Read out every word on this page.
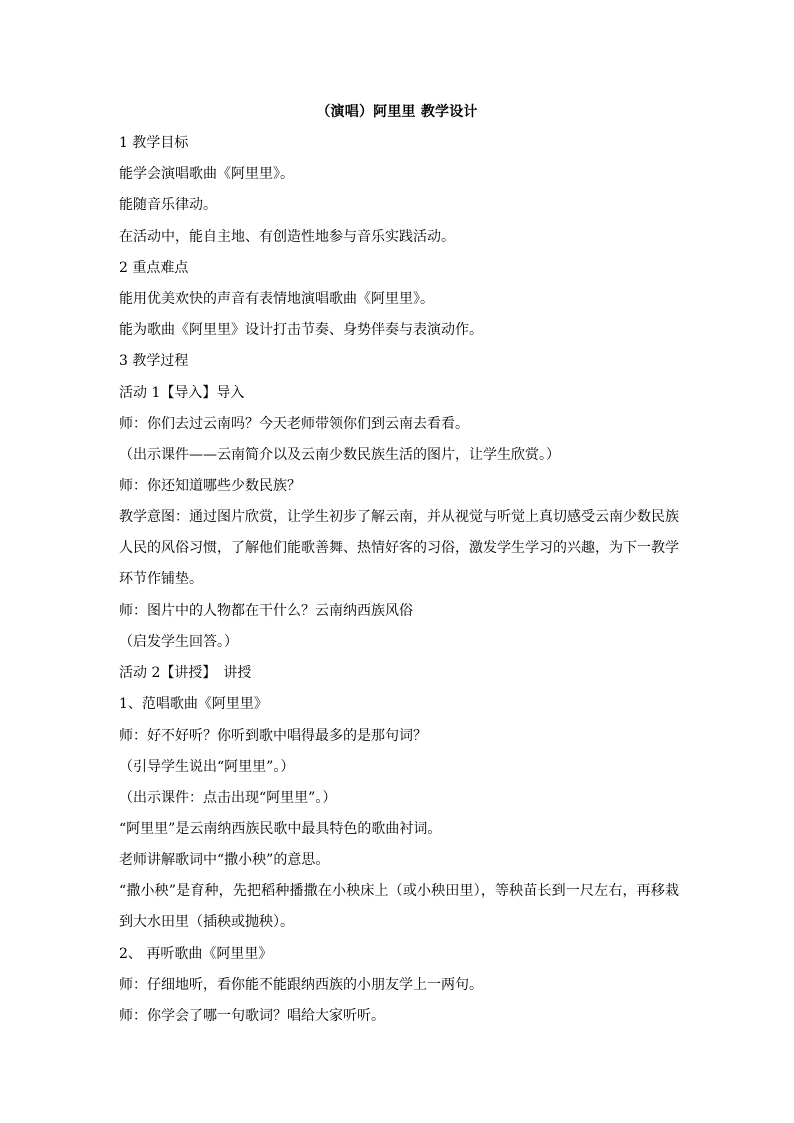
（演唱）阿里里 教学设计
1 教学目标
能学会演唱歌曲《阿里里》。
能随音乐律动。
在活动中，能自主地、有创造性地参与音乐实践活动。
2 重点难点
能用优美欢快的声音有表情地演唱歌曲《阿里里》。
能为歌曲《阿里里》设计打击节奏、身势伴奏与表演动作。
3 教学过程
活动 1【导入】导入
师：你们去过云南吗？今天老师带领你们到云南去看看。
（出示课件——云南简介以及云南少数民族生活的图片，让学生欣赏。）
师：你还知道哪些少数民族？
教学意图：通过图片欣赏，让学生初步了解云南，并从视觉与听觉上真切感受云南少数民族人民的风俗习惯，了解他们能歌善舞、热情好客的习俗，激发学生学习的兴趣，为下一教学环节作铺垫。
师：图片中的人物都在干什么？云南纳西族风俗
（启发学生回答。）
活动 2【讲授】　讲授
1、范唱歌曲《阿里里》
师：好不好听？你听到歌中唱得最多的是那句词？
（引导学生说出“阿里里”。）
（出示课件：点击出现“阿里里”。）
“阿里里”是云南纳西族民歌中最具特色的歌曲衬词。
老师讲解歌词中“撒小秧”的意思。
“撒小秧”是育种，先把稻种播撒在小秧床上（或小秧田里），等秧苗长到一尺左右，再移栽到大水田里（插秧或抛秧）。
2、 再听歌曲《阿里里》
师：仔细地听，看你能不能跟纳西族的小朋友学上一两句。
师：你学会了哪一句歌词？唱给大家听听。
